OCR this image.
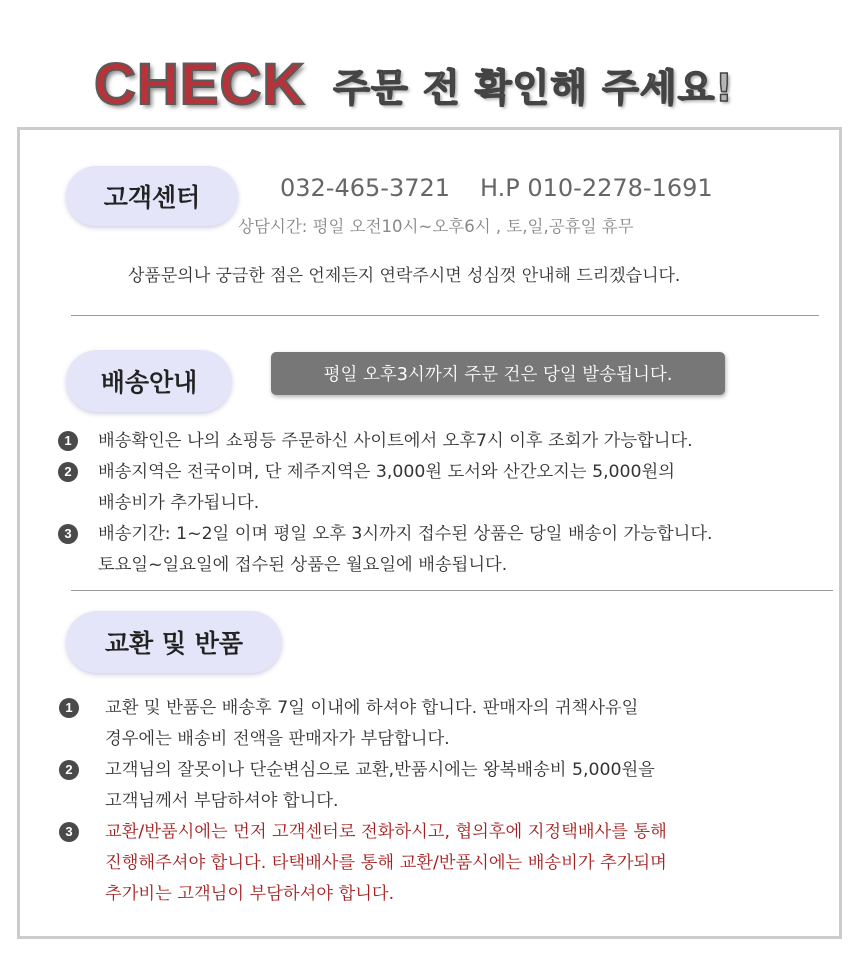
CHECK 주문 전 확인해 주세요!
고객센터	032-465-3721 H.P 010-2278-1691
상담시간: 평일 오전10시~오후6시 , 토,일,공휴일 휴무
상품문의나 궁금한 점은 언제든지 연락주시면 성심껏 안내해 드리겠습니다.
배송안내	평일 오후3시까지 주문 건은 당일 발송됩니다.
1	배송확인은 나의 쇼핑등 주문하신 사이트에서 오후7시 이후 조회가 가능합니다.
2	배송지역은 전국이며, 단 제주지역은 3,000원 도서와 산간오지는 5,000원의
배송비가 추가됩니다.
3	배송기간: 1~2일 이며 평일 오후 3시까지 접수된 상품은 당일 배송이 가능합니다.
토요일~일요일에 접수된 상품은 월요일에 배송됩니다.
교환 및 반품
1	교환 및 반품은 배송후 7일 이내에 하셔야 합니다. 판매자의 귀책사유일
경우에는 배송비 전액을 판매자가 부담합니다.
2	고객님의 잘못이나 단순변심으로 교환,반품시에는 왕복배송비 5,000원을
고객님께서 부담하셔야 합니다.
3	교환/반품시에는 먼저 고객센터로 전화하시고, 협의후에 지정택배사를 통해
진행해주셔야 합니다. 타택배사를 통해 교환/반품시에는 배송비가 추가되며
추가비는 고객님이 부담하셔야 합니다.
